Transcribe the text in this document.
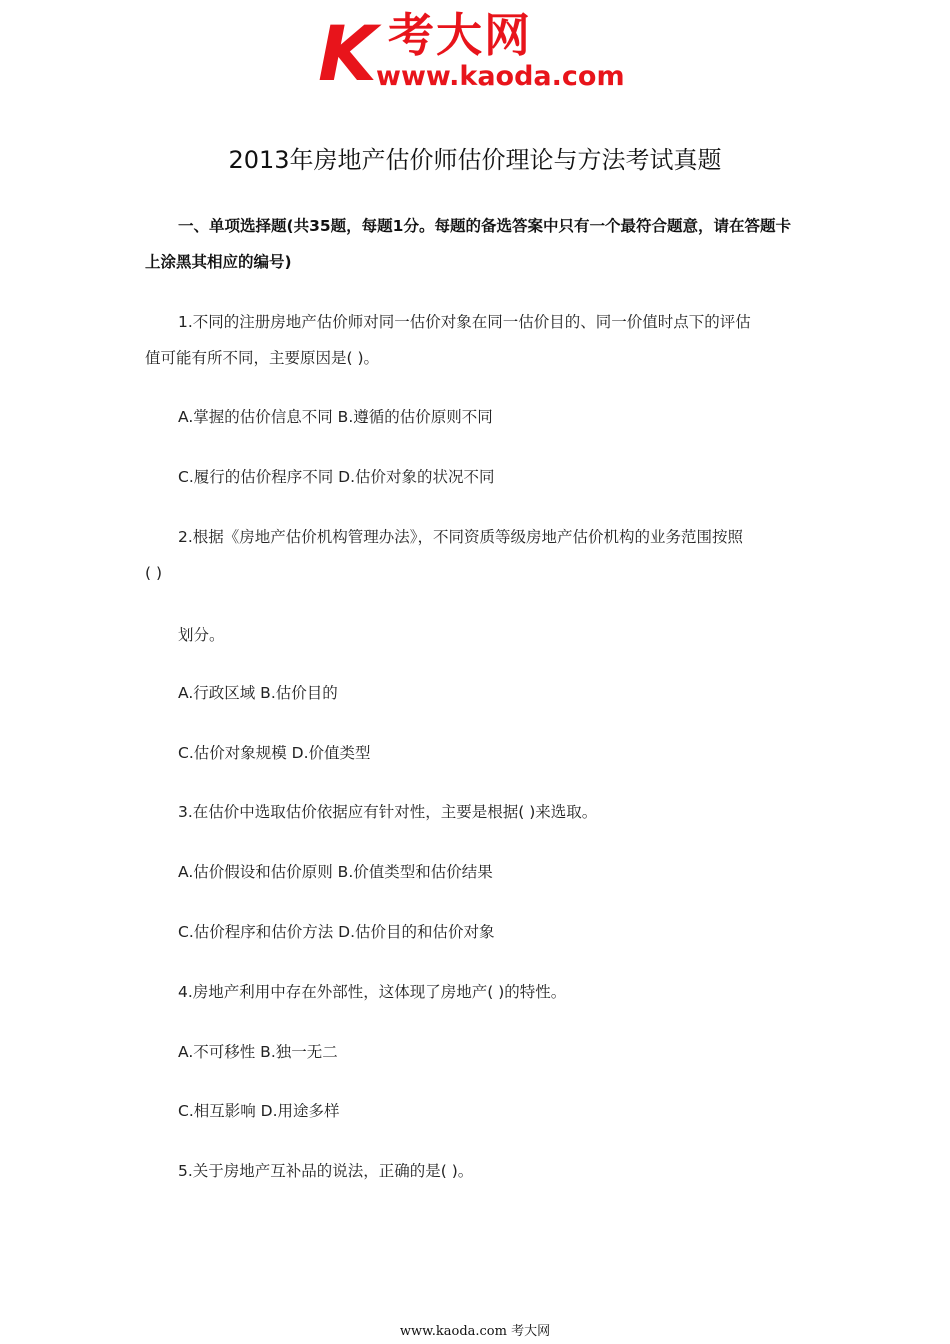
K 考大网
www.kaoda.com
2013年房地产估价师估价理论与方法考试真题
一、单项选择题(共35题，每题1分。每题的备选答案中只有一个最符合题意，请在答题卡上涂黑其相应的编号)
1.不同的注册房地产估价师对同一估价对象在同一估价目的、同一价值时点下的评估
值可能有所不同，主要原因是( )。
A.掌握的估价信息不同 B.遵循的估价原则不同
C.履行的估价程序不同 D.估价对象的状况不同
2.根据《房地产估价机构管理办法》，不同资质等级房地产估价机构的业务范围按照
( )
划分。
A.行政区域 B.估价目的
C.估价对象规模 D.价值类型
3.在估价中选取估价依据应有针对性，主要是根据( )来选取。
A.估价假设和估价原则 B.价值类型和估价结果
C.估价程序和估价方法 D.估价目的和估价对象
4.房地产利用中存在外部性，这体现了房地产( )的特性。
A.不可移性 B.独一无二
C.相互影响 D.用途多样
5.关于房地产互补品的说法，正确的是( )。
www.kaoda.com 考大网
